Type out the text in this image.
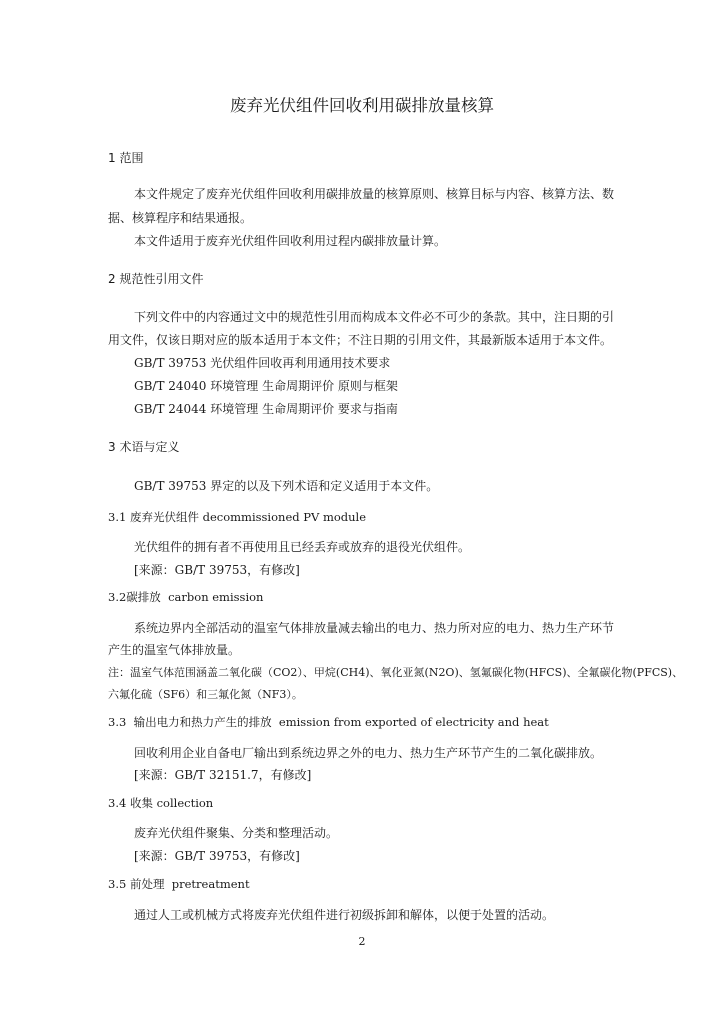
废弃光伏组件回收利用碳排放量核算
1 范围
本文件规定了废弃光伏组件回收利用碳排放量的核算原则、核算目标与内容、核算方法、数
据、核算程序和结果通报。
本文件适用于废弃光伏组件回收利用过程内碳排放量计算。
2 规范性引用文件
下列文件中的内容通过文中的规范性引用而构成本文件必不可少的条款。其中，注日期的引
用文件，仅该日期对应的版本适用于本文件；不注日期的引用文件，其最新版本适用于本文件。
GB/T 39753 光伏组件回收再利用通用技术要求
GB/T 24040 环境管理 生命周期评价 原则与框架
GB/T 24044 环境管理 生命周期评价 要求与指南
3 术语与定义
GB/T 39753 界定的以及下列术语和定义适用于本文件。
3.1 废弃光伏组件 decommissioned PV module
光伏组件的拥有者不再使用且已经丢弃或放弃的退役光伏组件。
[来源：GB/T 39753，有修改]
3.2碳排放 carbon emission
系统边界内全部活动的温室气体排放量减去输出的电力、热力所对应的电力、热力生产环节
产生的温室气体排放量。
注：温室气体范围涵盖二氧化碳（CO2）、甲烷(CH4)、氧化亚氮(N2O)、氢氟碳化物(HFCS)、全氟碳化物(PFCS)、
六氟化硫（SF6）和三氟化氮（NF3）。
3.3 输出电力和热力产生的排放 emission from exported of electricity and heat
回收利用企业自备电厂输出到系统边界之外的电力、热力生产环节产生的二氧化碳排放。
[来源：GB/T 32151.7，有修改]
3.4 收集 collection
废弃光伏组件聚集、分类和整理活动。
[来源：GB/T 39753，有修改]
3.5 前处理 pretreatment
通过人工或机械方式将废弃光伏组件进行初级拆卸和解体，以便于处置的活动。
2
